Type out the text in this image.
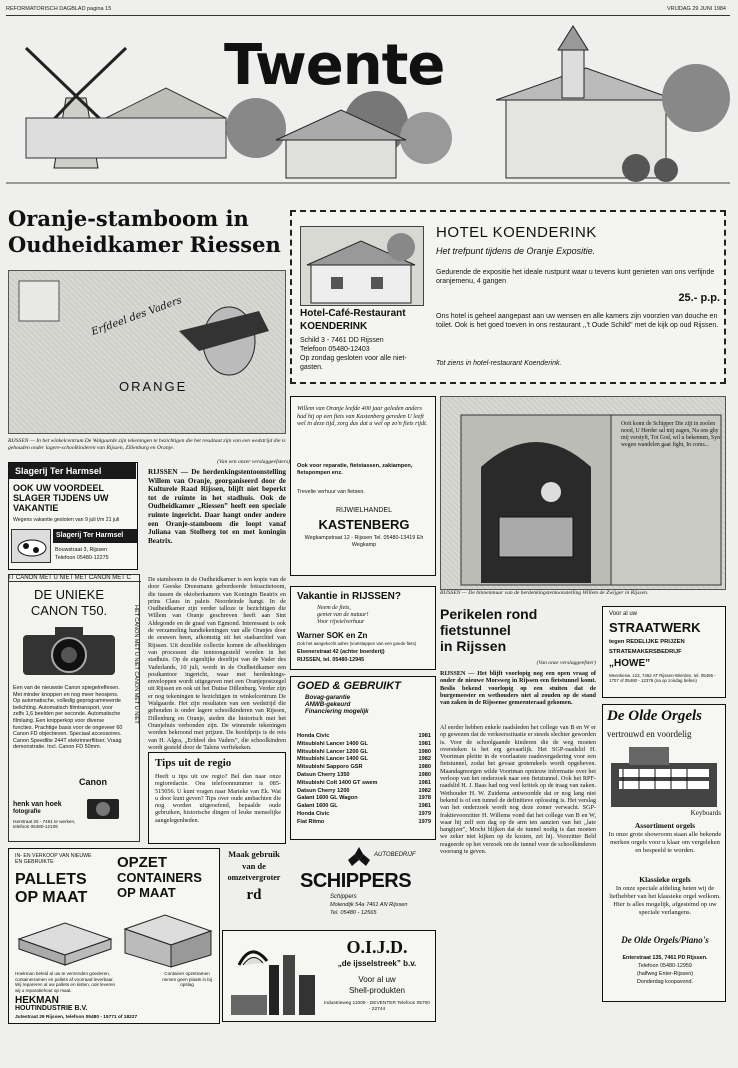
REFORMATORISCH DAGBLAD pagina 15	VRIJDAG 29 JUNI 1984
Twente
Oranje-stamboom in
Oudheidkamer Riessen
Erfdeel des Vaders
ORANGE
RIJSSEN — In het winkelcentrum De Walgaarde zijn tekeningen te bezichtigen die het resultaat zijn van een wedstrijd die is gehouden onder lagere-schoolkinderen van Rijssen, Zillenburg en Oranje.
(Van een onzer verslaggeefsters)
Hotel-Café-Restaurant
KOENDERINK
Schild 3 - 7461 DD Rijssen
Telefoon 05480-12403
Op zondag gesloten voor alle niet-gasten.
HOTEL KOENDERINK
Het trefpunt tijdens de Oranje Expositie.
Gedurende de expositie het ideale rustpunt waar u tevens kunt genieten van ons verfijnde oranjemenu, 4 gangen
25.- p.p.
Ons hotel is geheel aangepast aan uw wensen en alle kamers zijn voorzien van douche en toilet. Ook is het goed toeven in ons restaurant ,,'t Oude Schild'' met de kijk op oud Rijssen.
Tot ziens in hotel-restaurant Koenderink.
Willem van Oranje leefde 400 jaar geleden anders had hij op een fiets van Kastenberg gereden U leeft wel in deze tijd, zorg dus dat u wel op zo'n fiets rijdt.
Ook voor reparatie, fietstassen, zakiampen, fietspompen enz.
Trevelie verhuur van fietsen.
RIJWIELHANDEL
KASTENBERG
Wegkampstraat 12 - Rijssen Tel. 05480-13419 Eh Wegkamp
Ooit komt de Schipper Die zijt in zoolen nood, U Herder sal mij zagen, Na ons ghy mij verstyft, Tot God, wil u bekennen, Syn wegen wandelen gaat fight, In coms...
RIJSSEN — De binnenmuur van de herdenkingstentoonstelling Willem de Zwijger in Rijssen.
Slagerij Ter Harmsel
OOK UW VOORDEEL SLAGER TIJDENS UW VAKANTIE
Wegens vakantie gesloten van 9 juli t/m 21 juli
Slagerij Ter Harmsel
Bouwstraat 3, Rijssen
Telefoon 05480-12275
IT CANON MET U NIET MET CANON MET C
DE UNIEKE
CANON T50.
Een van de nieuwste Canon spiegelreflexen. Met minder knoppen en nog meer heosjens. Op automatische, volledig geprogrammeerde belichting. Automatisch filmtransport, voor zelfs 1,6 beelden per seconde. Automatische filmlaing. Een knipperkop voor diverse functies. Prachtige basis voor de ongeveer 60 Canon FD objectieven. Speciaal accessoires. Canon Speedlite 244T elekrinnerflitser. Vraag demonstratie. Incl. Canon FD 50mm.
HET CANON MET U NIET CANON MET U NIET
Canon
henk van hoek
fotografie
Iserstraat 25 - 7461 te werken, telefoon 05480-12109
RIJSSEN — De herdenkingstentoonstelling Willem van Oranje, georganiseerd door de Kulturele Raad Rijssen, blijft niet beperkt tot de ruimte in het stadhuis. Ook de Oudheidkamer „Riessen” heeft een speciale ruimte ingericht. Daar hangt onder andere een Oranje-stamboom die loopt vanaf Juliana van Stolberg tot en met koningin Beatrix.
De stamboom in de Oudheidkamer is een kopie van de door Geeske Dreesmann gebordeerde fotoactietoom, die tussen de oktoberkamers van Koningin Beatrix en prins Claus in paleis Noordeinde hangt. In de Oudheidkamer zijn verder talloze te bezichtigen die Willem van Oranje geschreven heeft aan Sint Aldegonde en de graaf van Egmond. Interessant is ook de verzameling handtekeningen van alle Oranjes door de eeuwen heen, afkomstig uit het stadsarchief van Rijssen. Uit dezelfde collectie komen de afbeeldingen van processen die tentoongesteld worden in het stadhuis. Op de eigenlijke doorlijst van de Vader des Vaderlands, 10 juli, wordt in de Oudheidkamer een postkantoor ingericht, waar met herdenkings-enveloppen wordt uitgegeven met een Oranjepostzegel uit Rijssen en ook uit het Duitse Dillenburg. Verder zijn er nog tekeningen te bezichtigen in winkelcentrum De Walgaarde. Het zijn resultaten van een wedstrijd die gehouden is onder lagere schoolkinderen van Rijssen, Dillenburg en Oranje, steden die historisch met het Oranjehuis verbonden zijn. De winnende tekeningen worden bekroond met prijzen. De hoofdprijs is de reis van H. Algra, „Erfdeel des Vaders”, die schoolkindren wordt gesteld door de Talens verftekeken.
Tips uit de regio
Heeft u tips uit uw regio? Bel dan naar onze regioredactie. Ons telefoonnummer is 085-515056. U kunt vragen naar Marieke van Ek. Wat u door kunt geven? Tips over oude ambachten die nog worden uitgeoefend, bepaalde oude gebruiken, historische dingen of leuke menselijke aangelegenheden.
Vakantie in RIJSSEN?
Neem de fiets,
geniet van de natuur!
Voor rijwielverhuur
Warner SOK en Zn
Ook het aangekocht adres (voetstappen van een goede fiets)
Elsenerstraat 42 (achter boerderij)
RIJSSEN, tel. 05480-12945
GOED & GEBRUIKT
Bovag-garantie
ANWB-gekeurd
Financiering mogelijk
Honda Civic	1981
Mitsubishi Lancer 1400 GL	1981
Mitsubishi Lancer 1200 GL	1980
Mitsubishi Lancer 1400 GL	1982
Mitsubishi Sapporo GSR	1980
Datsun Cherry 1350	1980
Mitsubishi Colt 1400 GT swem	1981
Datsun Cherry 1200	1982
Galant 1600 GL Wagon	1978
Galant 1600 GL	1981
Honda Civic	1979
Fiat Ritmo	1979
Perikelen rond
fietstunnel
in Rijssen
(Van onze verslaggeefster)
RIJSSEN — Het blijft voorlopig nog een open vraag of onder de nieuwe Morsweg in Rijssen een fietstunnel komt. Beslis bekend voorlopig op een stuiten dat de burgemeester en wethouders niet al zouden op de stand van zaken in de Rijssense gemeenteraad gekomen.
Al eerder hebben enkele raadsleden het college van B en W er op gewezen dat de verkeerssituatie er steeds slechter geworden is. Voor de schoolgaande kinderen die de weg moeten oversteken is het erg gevaarlijk. Het SGP-raadslid H. Voortman pleitte in de voorlaatste raadsvergadering voor een fietstunnel, zodat het gevaar grotendeels wordt opgeheven. Maandagmorgen wilde Voortman opnieuw informatie over het verloop van het onderzoek naar een fietstunnel. Ook het RPF-raadslid H. J. Baas had nog veel kritiek op de traag van zaken. Wethouder H. W. Zuidema antwoordde dat er nog lang niet bekend is of een tunnel de definitieve oplossing is. Het verslag van het onderzoek wordt nog deze zomer verwacht. SGP-fraktievoorzitter H. Willems vond dat het college van B en W, waar hij zelf een dag op de arm ten aanzien van het ,,late hangijzer'', Mocht blijken dat de tunnel nodig is dan moeten we zeker niet kijken op de kosten, zei hij. Voorzitter Beld reageerde op het verzoek om de tunnel voor de schoolkinderen voorrang te geven.
Voor al uw
STRAATWERK
tegen REDELIJKE PRIJZEN
STRATEMAKERSBEDRIJF
„HOWE”
Meenkesw. 123, 7462 AT Rijssen-Wierden, tel. 05496 - 1707 of 05480 - 12378 (na op zondag bellen)
De Olde Orgels
vertrouwd en voordelig
Keyboards
Assortiment orgels
In onze grote showroom staan alle bekende merken orgels voor u klaar om vergeleken en bespeeld te worden.
Klassieke orgels
In onze speciale afdeling heten wij de liefhebber van het klassieke orgel welkom. Hier is alles mogelijk, afgestemd op uw speciale verlangens.
De Olde Orgels/Piano's
Enterstraat 135, 7461 PD Rijssen.
Telefoon 05480-12959
(halfweg Enter-Rijssen)
Donderdag koopavond.
IN- EN VERKOOP VAN NIEUWE EN GEBRUIKTE
PALLETS
OP MAAT
OPZET
CONTAINERS
OP MAAT
Hoekman beleid al uw te verzenden goederen, containerramen en pallets af voorraad leverbaar. Wij repareren al uw pallets en kisten, ook leveren wij u reparatiehout op maat.
Container opzetramen nemen geen plaats in bij opslag
HEKMAN
HOUTINDUSTRIE B.V.
Jutestraat 29 Rijssen, telefoon 05480 - 15771 of 18227
Maak gebruik
van de
omzetvergroter
rd
AUTOBEDRIJF
SCHIPPERS
Schippers
Molendijk 54a 7461 AN Rijssen
Tel. 05480 - 12565
O.I.J.D.
„de ijsselstreek” b.v.
Voor al uw
Shell-produkten
Industrieweg 11009 - DEVENTER Telefoon 05700 - 22744
